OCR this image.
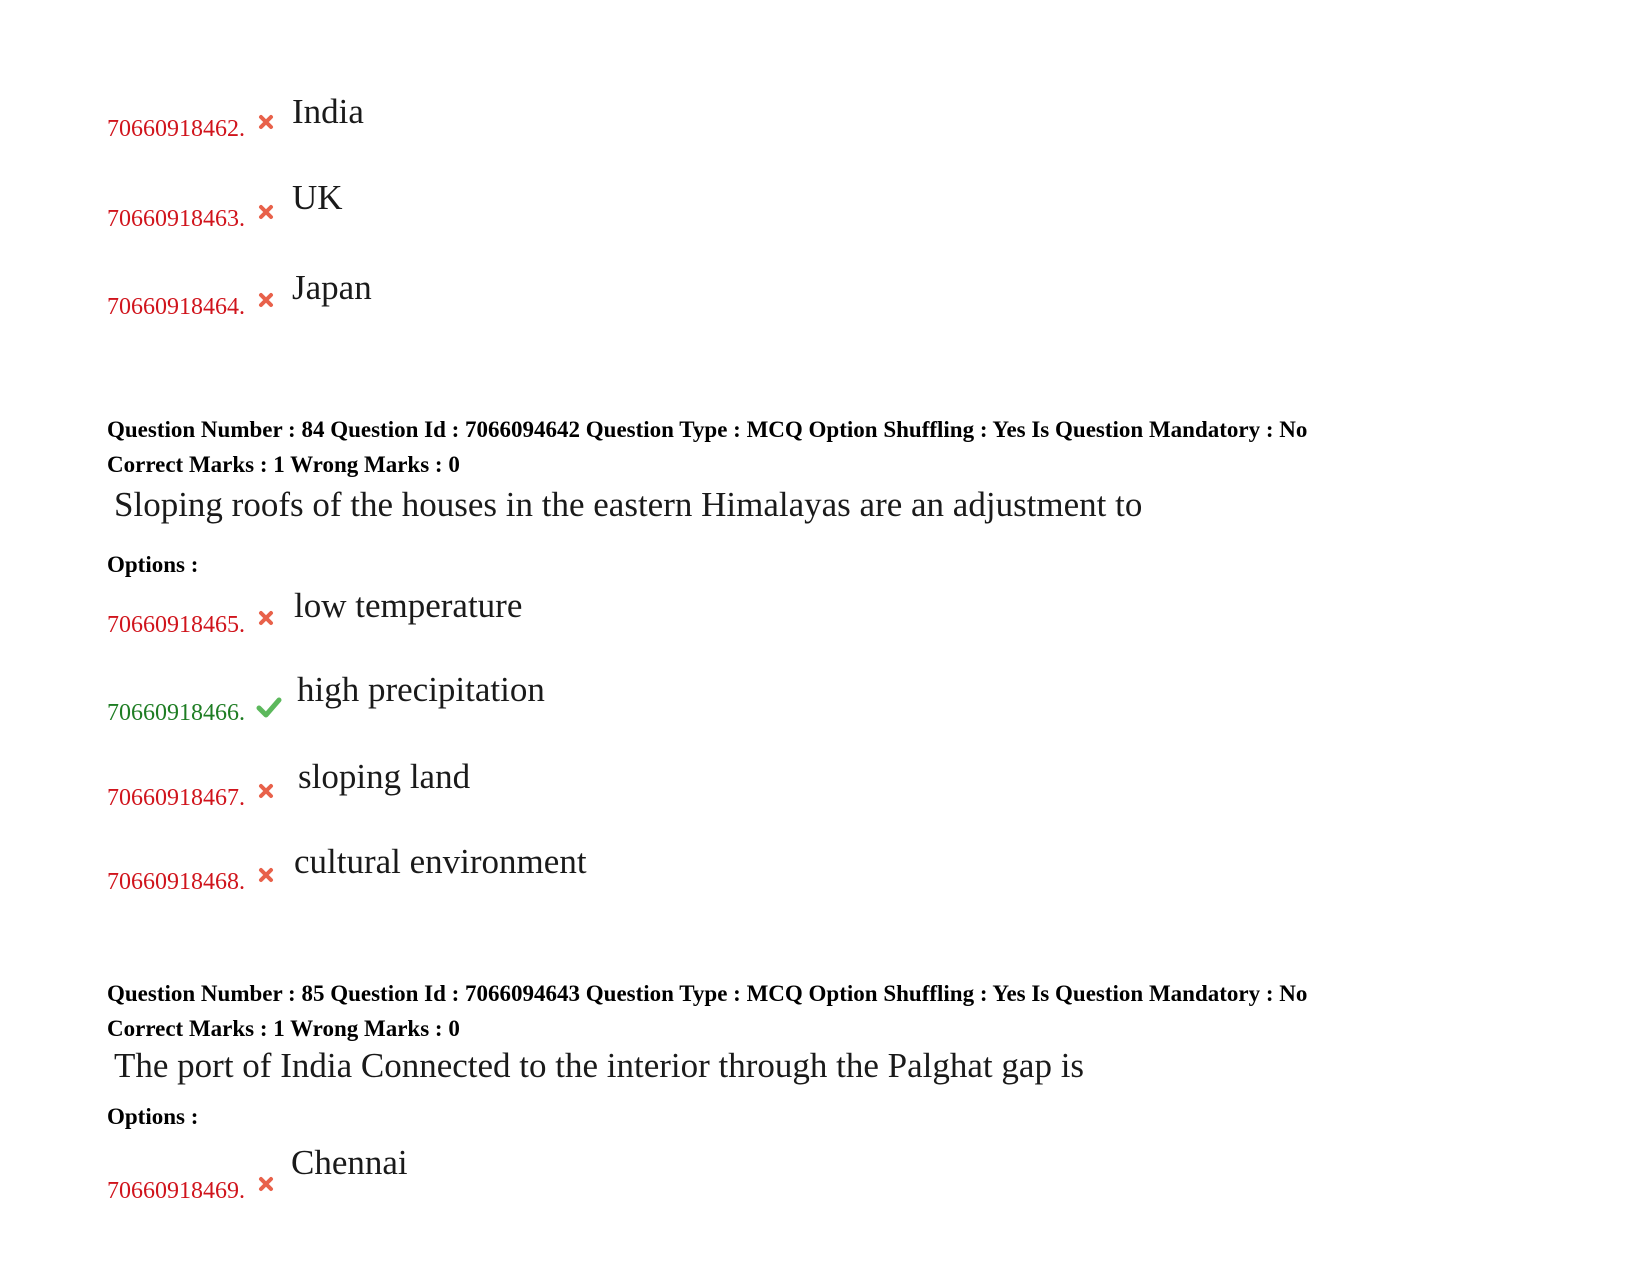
70660918462. India
70660918463.
UK
70660918464. Japan
Question Number : 84 Question Id : 7066094642 Question Type : MCQ Option Shuffling : Yes Is Question Mandatory : No
Correct Marks : 1 Wrong Marks : 0
Sloping roofs of the houses in the eastern Himalayas are an adjustment to
Options :
70660918465. low temperature
70660918466.
high precipitation
70660918467.
sloping land
70660918468.
cultural environment
Question Number : 85 Question Id : 7066094643 Question Type : MCQ Option Shuffling : Yes Is Question Mandatory : No
Correct Marks : 1 Wrong Marks : 0
The port of India Connected to the interior through the Palghat gap is
Options :
70660918469.
Chennai
